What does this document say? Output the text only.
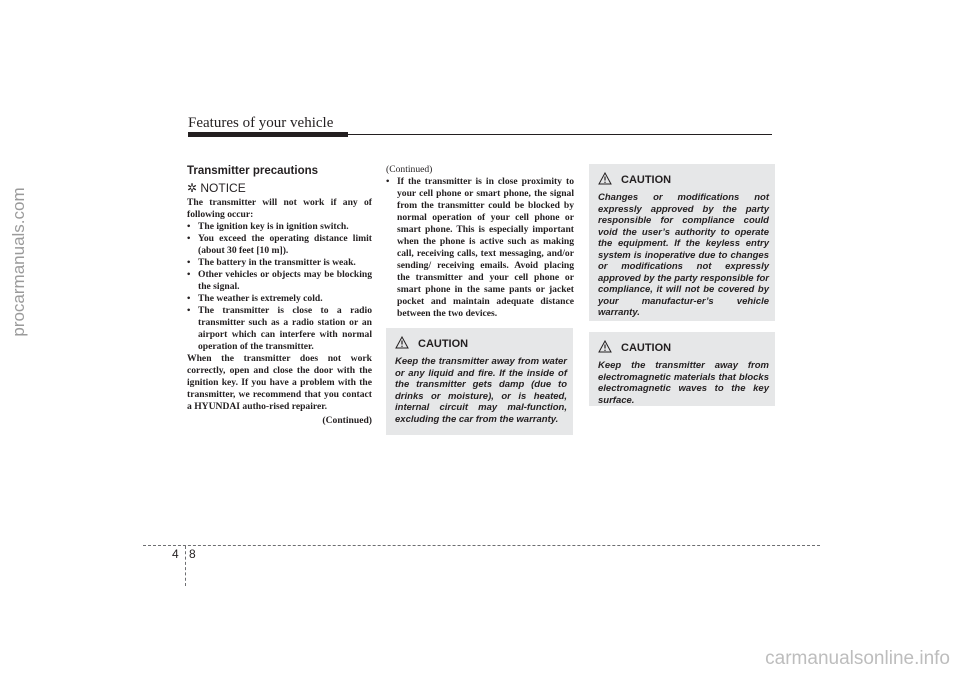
procarmanuals.com
carmanualsonline.info
Features of your vehicle
Transmitter precautions
✲ NOTICE

The transmitter will not work if any of following occur:

• The ignition key is in ignition switch.
• You exceed the operating distance limit (about 30 feet [10 m]).
• The battery in the transmitter is weak.
• Other vehicles or objects may be blocking the signal.
• The weather is extremely cold.
• The transmitter is close to a radio transmitter such as a radio station or an airport which can interfere with normal operation of the transmitter.

When the transmitter does not work correctly, open and close the door with the ignition key. If you have a problem with the transmitter, we recommend that you contact a HYUNDAI autho-rised repairer.

(Continued)

(Continued)

• If the transmitter is in close proximity to your cell phone or smart phone, the signal from the transmitter could be blocked by normal operation of your cell phone or smart phone. This is especially important when the phone is active such as making call, receiving calls, text messaging, and/or sending/ receiving emails. Avoid placing the transmitter and your cell phone or smart phone in the same pants or jacket pocket and maintain adequate distance between the two devices.
CAUTION
Keep the transmitter away from water or any liquid and fire. If the inside of the transmitter gets damp (due to drinks or moisture), or is heated, internal circuit may mal-function, excluding the car from the warranty.
CAUTION
Changes or modifications not expressly approved by the party responsible for compliance could void the user’s authority to operate the equipment. If the keyless entry system is inoperative due to changes or modifications not expressly approved by the party responsible for compliance, it will not be covered by your manufactur-er’s vehicle warranty.
CAUTION
Keep the transmitter away from electromagnetic materials that blocks electromagnetic waves to the key surface.
4 8
